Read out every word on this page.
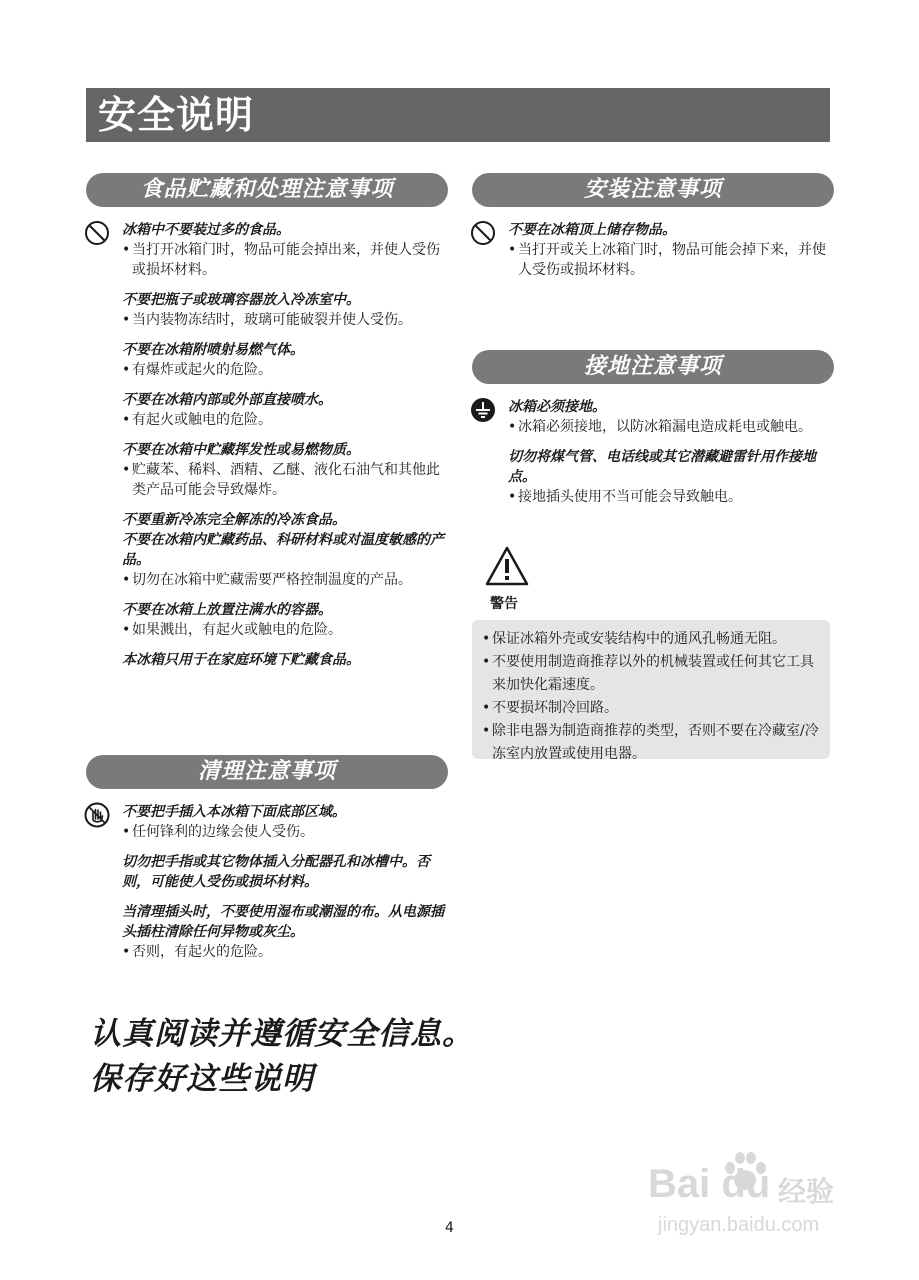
安全说明
食品贮藏和处理注意事项
冰箱中不要装过多的食品。
• 当打开冰箱门时，物品可能会掉出来，并使人受伤或损坏材料。
不要把瓶子或玻璃容器放入冷冻室中。
• 当内装物冻结时，玻璃可能破裂并使人受伤。
不要在冰箱附喷射易燃气体。
• 有爆炸或起火的危险。
不要在冰箱内部或外部直接喷水。
• 有起火或触电的危险。
不要在冰箱中贮藏挥发性或易燃物质。
• 贮藏苯、稀料、酒精、乙醚、液化石油气和其他此类产品可能会导致爆炸。
不要重新冷冻完全解冻的冷冻食品。
不要在冰箱内贮藏药品、科研材料或对温度敏感的产品。
• 切勿在冰箱中贮藏需要严格控制温度的产品。
不要在冰箱上放置注满水的容器。
• 如果溅出，有起火或触电的危险。
本冰箱只用于在家庭环境下贮藏食品。
安装注意事项
不要在冰箱顶上储存物品。
• 当打开或关上冰箱门时，物品可能会掉下来，并使人受伤或损坏材料。
接地注意事项
冰箱必须接地。
• 冰箱必须接地，以防冰箱漏电造成耗电或触电。
切勿将煤气管、电话线或其它潜藏避雷针用作接地点。
• 接地插头使用不当可能会导致触电。
警告
• 保证冰箱外壳或安装结构中的通风孔畅通无阻。
• 不要使用制造商推荐以外的机械装置或任何其它工具来加快化霜速度。
• 不要损坏制冷回路。
• 除非电器为制造商推荐的类型，否则不要在冷藏室/冷冻室内放置或使用电器。
清理注意事项
不要把手插入本冰箱下面底部区域。
• 任何锋利的边缘会使人受伤。
切勿把手指或其它物体插入分配器孔和冰槽中。否则，可能使人受伤或损坏材料。
当清理插头时，不要使用湿布或潮湿的布。从电源插头插柱清除任何异物或灰尘。
• 否则，有起火的危险。
认真阅读并遵循安全信息。
保存好这些说明
4
Bai du 经验
jingyan.baidu.com
